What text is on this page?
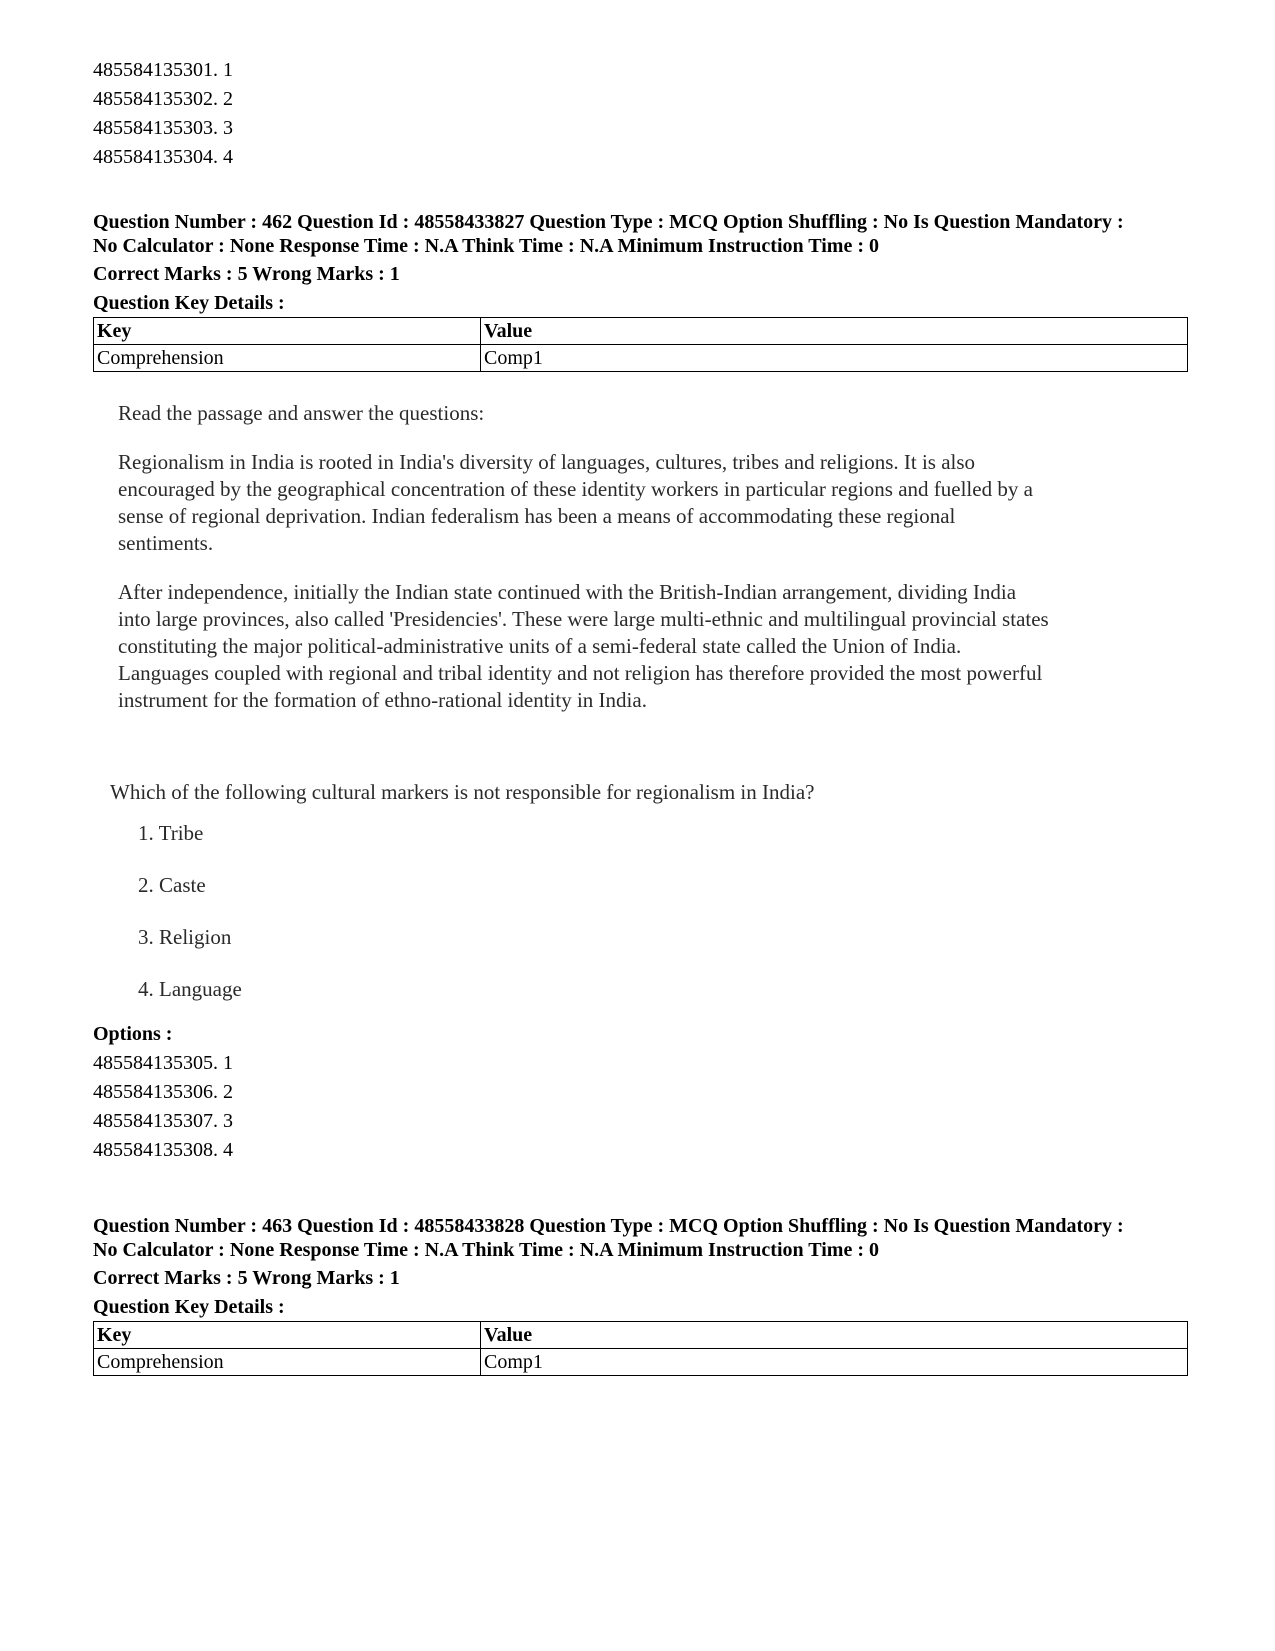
485584135301. 1
485584135302. 2
485584135303. 3
485584135304. 4
Question Number : 462 Question Id : 48558433827 Question Type : MCQ Option Shuffling : No Is Question Mandatory :
No Calculator : None Response Time : N.A Think Time : N.A Minimum Instruction Time : 0
Correct Marks : 5 Wrong Marks : 1
Question Key Details :
Key	Value
Comprehension	Comp1

Read the passage and answer the questions:

Regionalism in India is rooted in India's diversity of languages, cultures, tribes and religions. It is also

encouraged by the geographical concentration of these identity workers in particular regions and fuelled by a

sense of regional deprivation. Indian federalism has been a means of accommodating these regional

sentiments.

After independence, initially the Indian state continued with the British-Indian arrangement, dividing India

into large provinces, also called 'Presidencies'. These were large multi-ethnic and multilingual provincial states

constituting the major political-administrative units of a semi-federal state called the Union of India.

Languages coupled with regional and tribal identity and not religion has therefore provided the most powerful

instrument for the formation of ethno-rational identity in India.

Which of the following cultural markers is not responsible for regionalism in India?

1. Tribe

2. Caste

3. Religion

4. Language

Options :
485584135305. 1
485584135306. 2
485584135307. 3
485584135308. 4
Question Number : 463 Question Id : 48558433828 Question Type : MCQ Option Shuffling : No Is Question Mandatory :
No Calculator : None Response Time : N.A Think Time : N.A Minimum Instruction Time : 0
Correct Marks : 5 Wrong Marks : 1
Question Key Details :
Key	Value
Comprehension	Comp1
